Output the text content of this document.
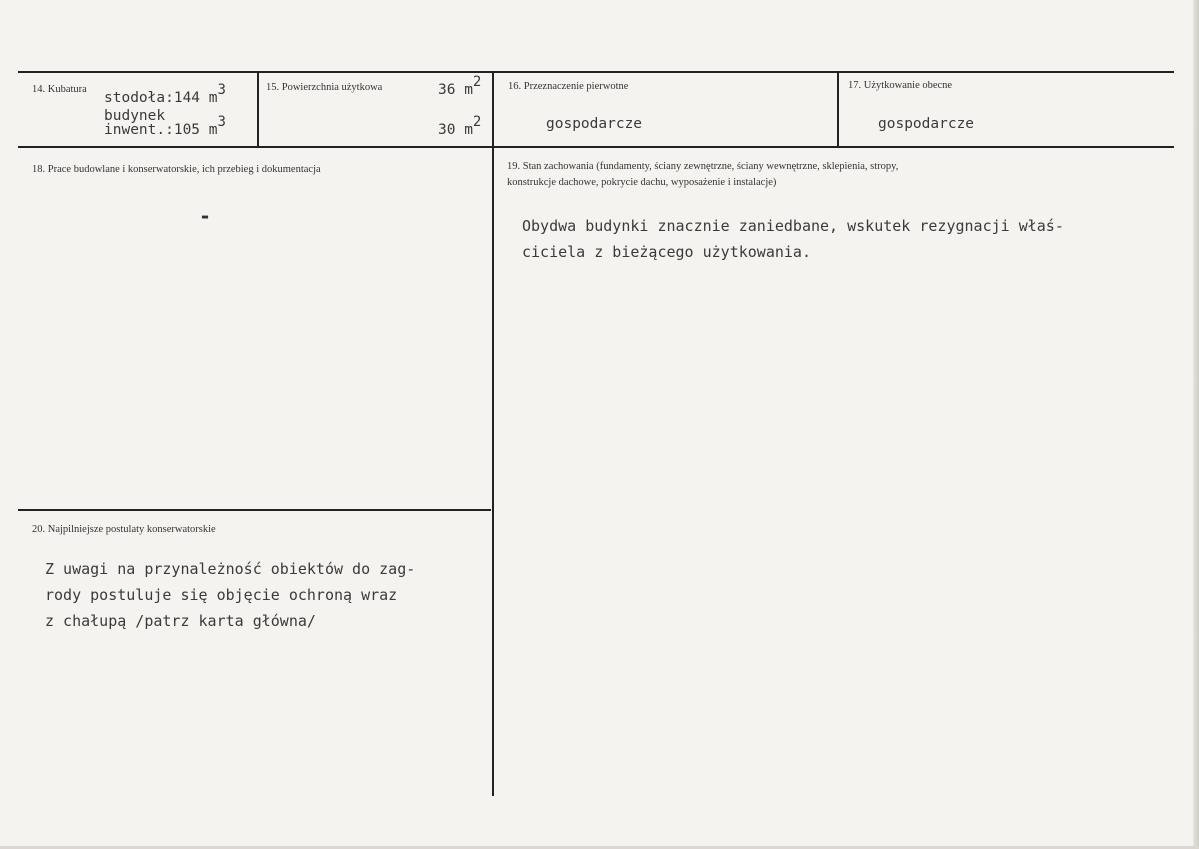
14. Kubatura
stodoła:144 m3
budynek
inwent.:105 m3
15. Powierzchnia użytkowa	36 m2
30 m2
16. Przeznaczenie pierwotne
gospodarcze
17. Użytkowanie obecne
gospodarcze
18. Prace budowlane i konserwatorskie, ich przebieg i dokumentacja
-
19. Stan zachowania (fundamenty, ściany zewnętrzne, ściany wewnętrzne, sklepienia, stropy,
konstrukcje dachowe, pokrycie dachu, wyposażenie i instalacje)
Obydwa budynki znacznie zaniedbane, wskutek rezygnacji właś-
ciciela z bieżącego użytkowania.
20. Najpilniejsze postulaty konserwatorskie
Z uwagi na przynależność obiektów do zag-
rody postuluje się objęcie ochroną wraz
z chałupą /patrz karta główna/
